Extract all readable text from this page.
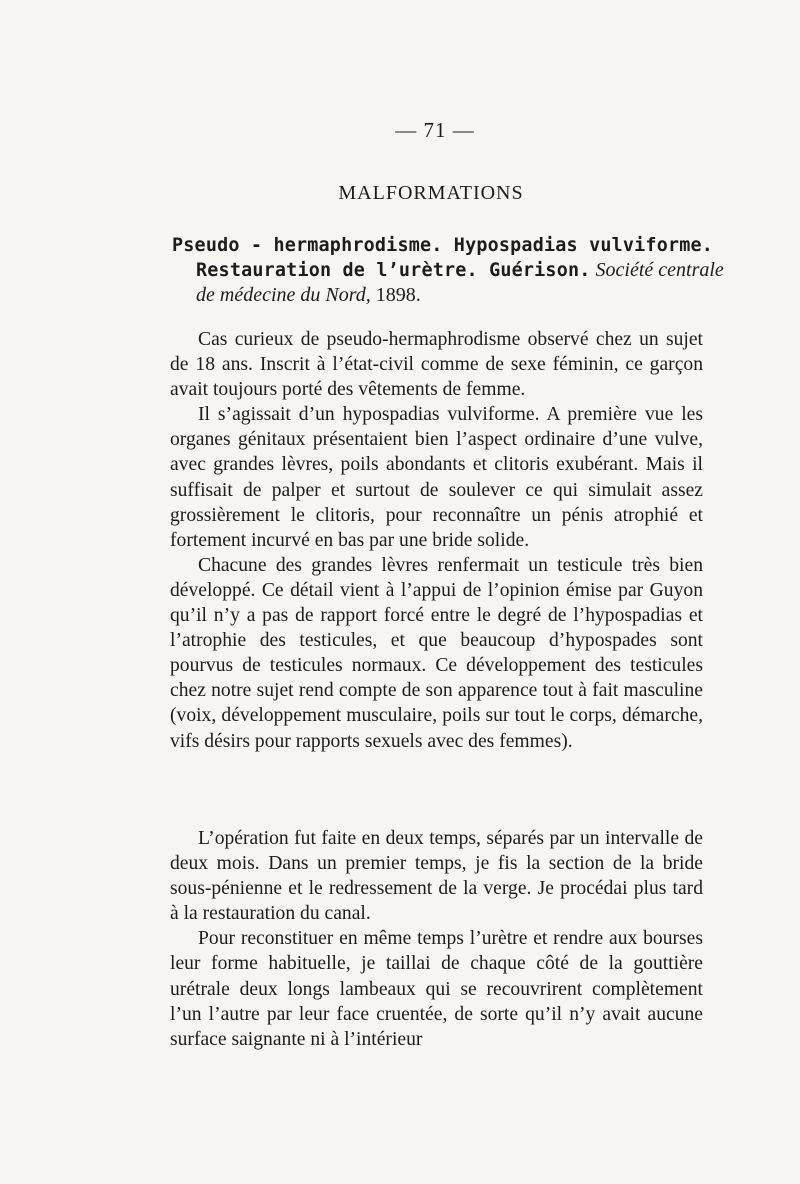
— 71 —
MALFORMATIONS
Pseudo - hermaphrodisme. Hypospadias vulviforme.
Restauration de l’urètre. Guérison. Société centrale
de médecine du Nord, 1898.

Cas curieux de pseudo-hermaphrodisme observé chez un sujet de 18 ans. Inscrit à l’état-civil comme de sexe féminin, ce garçon avait toujours porté des vêtements de femme.

Il s’agissait d’un hypospadias vulviforme. A première vue les organes génitaux présentaient bien l’aspect ordinaire d’une vulve, avec grandes lèvres, poils abondants et clitoris exubérant. Mais il suffisait de palper et surtout de soulever ce qui simulait assez grossièrement le clitoris, pour reconnaître un pénis atrophié et fortement incurvé en bas par une bride solide.

Chacune des grandes lèvres renfermait un testicule très bien développé. Ce détail vient à l’appui de l’opinion émise par Guyon qu’il n’y a pas de rapport forcé entre le degré de l’hypospadias et l’atrophie des testicules, et que beaucoup d’hypospades sont pourvus de testicules normaux. Ce développement des testicules chez notre sujet rend compte de son apparence tout à fait masculine (voix, développement musculaire, poils sur tout le corps, démarche, vifs désirs pour rapports sexuels avec des femmes).

L’opération fut faite en deux temps, séparés par un intervalle de deux mois. Dans un premier temps, je fis la section de la bride sous-pénienne et le redressement de la verge. Je procédai plus tard à la restauration du canal.

Pour reconstituer en même temps l’urètre et rendre aux bourses leur forme habituelle, je taillai de chaque côté de la gouttière urétrale deux longs lambeaux qui se recouvrirent complètement l’un l’autre par leur face cruentée, de sorte qu’il n’y avait aucune surface saignante ni à l’intérieur
